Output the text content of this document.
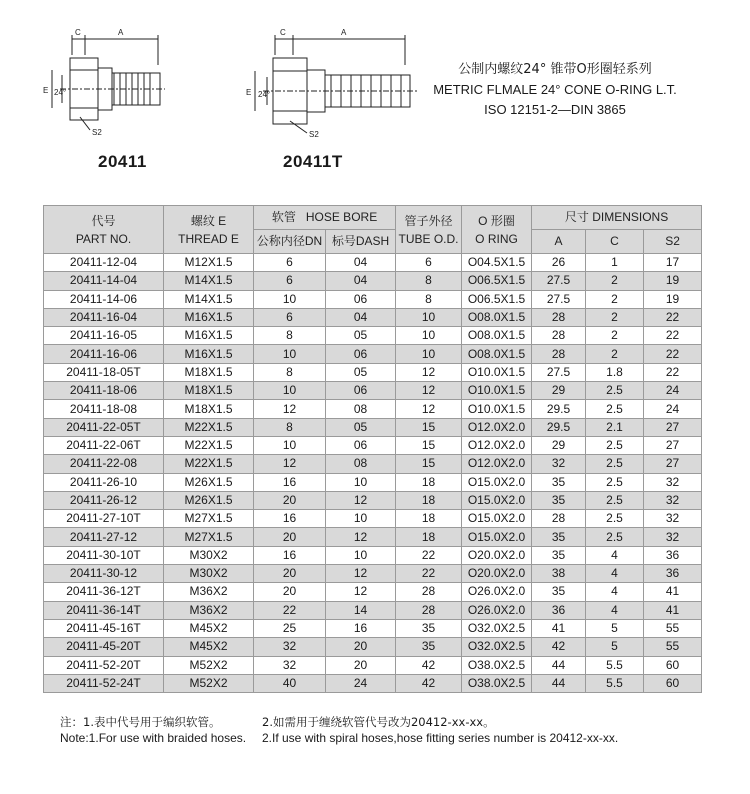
C	A
E 24°
S2
20411
C	A
E 24°
S2
20411T
公制内螺纹24° 锥带O形圈轻系列
METRIC FLMALE 24° CONE O-RING L.T.
ISO 12151-2—DIN 3865
代号
PART NO.	螺纹 E
THREAD E	软管 HOSE BORE		管子外径
TUBE O.D.	O 形圈
O RING	尺寸 DIMENSIONS		
		公称内径DN	标号DASH			A	C	S2
20411-12-04	M12X1.5	6	04	6	O04.5X1.5	26	1	17
20411-14-04	M14X1.5	6	04	8	O06.5X1.5	27.5	2	19
20411-14-06	M14X1.5	10	06	8	O06.5X1.5	27.5	2	19
20411-16-04	M16X1.5	6	04	10	O08.0X1.5	28	2	22
20411-16-05	M16X1.5	8	05	10	O08.0X1.5	28	2	22
20411-16-06	M16X1.5	10	06	10	O08.0X1.5	28	2	22
20411-18-05T	M18X1.5	8	05	12	O10.0X1.5	27.5	1.8	22
20411-18-06	M18X1.5	10	06	12	O10.0X1.5	29	2.5	24
20411-18-08	M18X1.5	12	08	12	O10.0X1.5	29.5	2.5	24
20411-22-05T	M22X1.5	8	05	15	O12.0X2.0	29.5	2.1	27
20411-22-06T	M22X1.5	10	06	15	O12.0X2.0	29	2.5	27
20411-22-08	M22X1.5	12	08	15	O12.0X2.0	32	2.5	27
20411-26-10	M26X1.5	16	10	18	O15.0X2.0	35	2.5	32
20411-26-12	M26X1.5	20	12	18	O15.0X2.0	35	2.5	32
20411-27-10T	M27X1.5	16	10	18	O15.0X2.0	28	2.5	32
20411-27-12	M27X1.5	20	12	18	O15.0X2.0	35	2.5	32
20411-30-10T	M30X2	16	10	22	O20.0X2.0	35	4	36
20411-30-12	M30X2	20	12	22	O20.0X2.0	38	4	36
20411-36-12T	M36X2	20	12	28	O26.0X2.0	35	4	41
20411-36-14T	M36X2	22	14	28	O26.0X2.0	36	4	41
20411-45-16T	M45X2	25	16	35	O32.0X2.5	41	5	55
20411-45-20T	M45X2	32	20	35	O32.0X2.5	42	5	55
20411-52-20T	M52X2	32	20	42	O38.0X2.5	44	5.5	60
20411-52-24T	M52X2	40	24	42	O38.0X2.5	44	5.5	60
注：1.表中代号用于编织软管。	2.如需用于缠绕软管代号改为20412-xx-xx。
Note:1.For use with braided hoses.	2.If use with spiral hoses,hose fitting series number is 20412-xx-xx.
